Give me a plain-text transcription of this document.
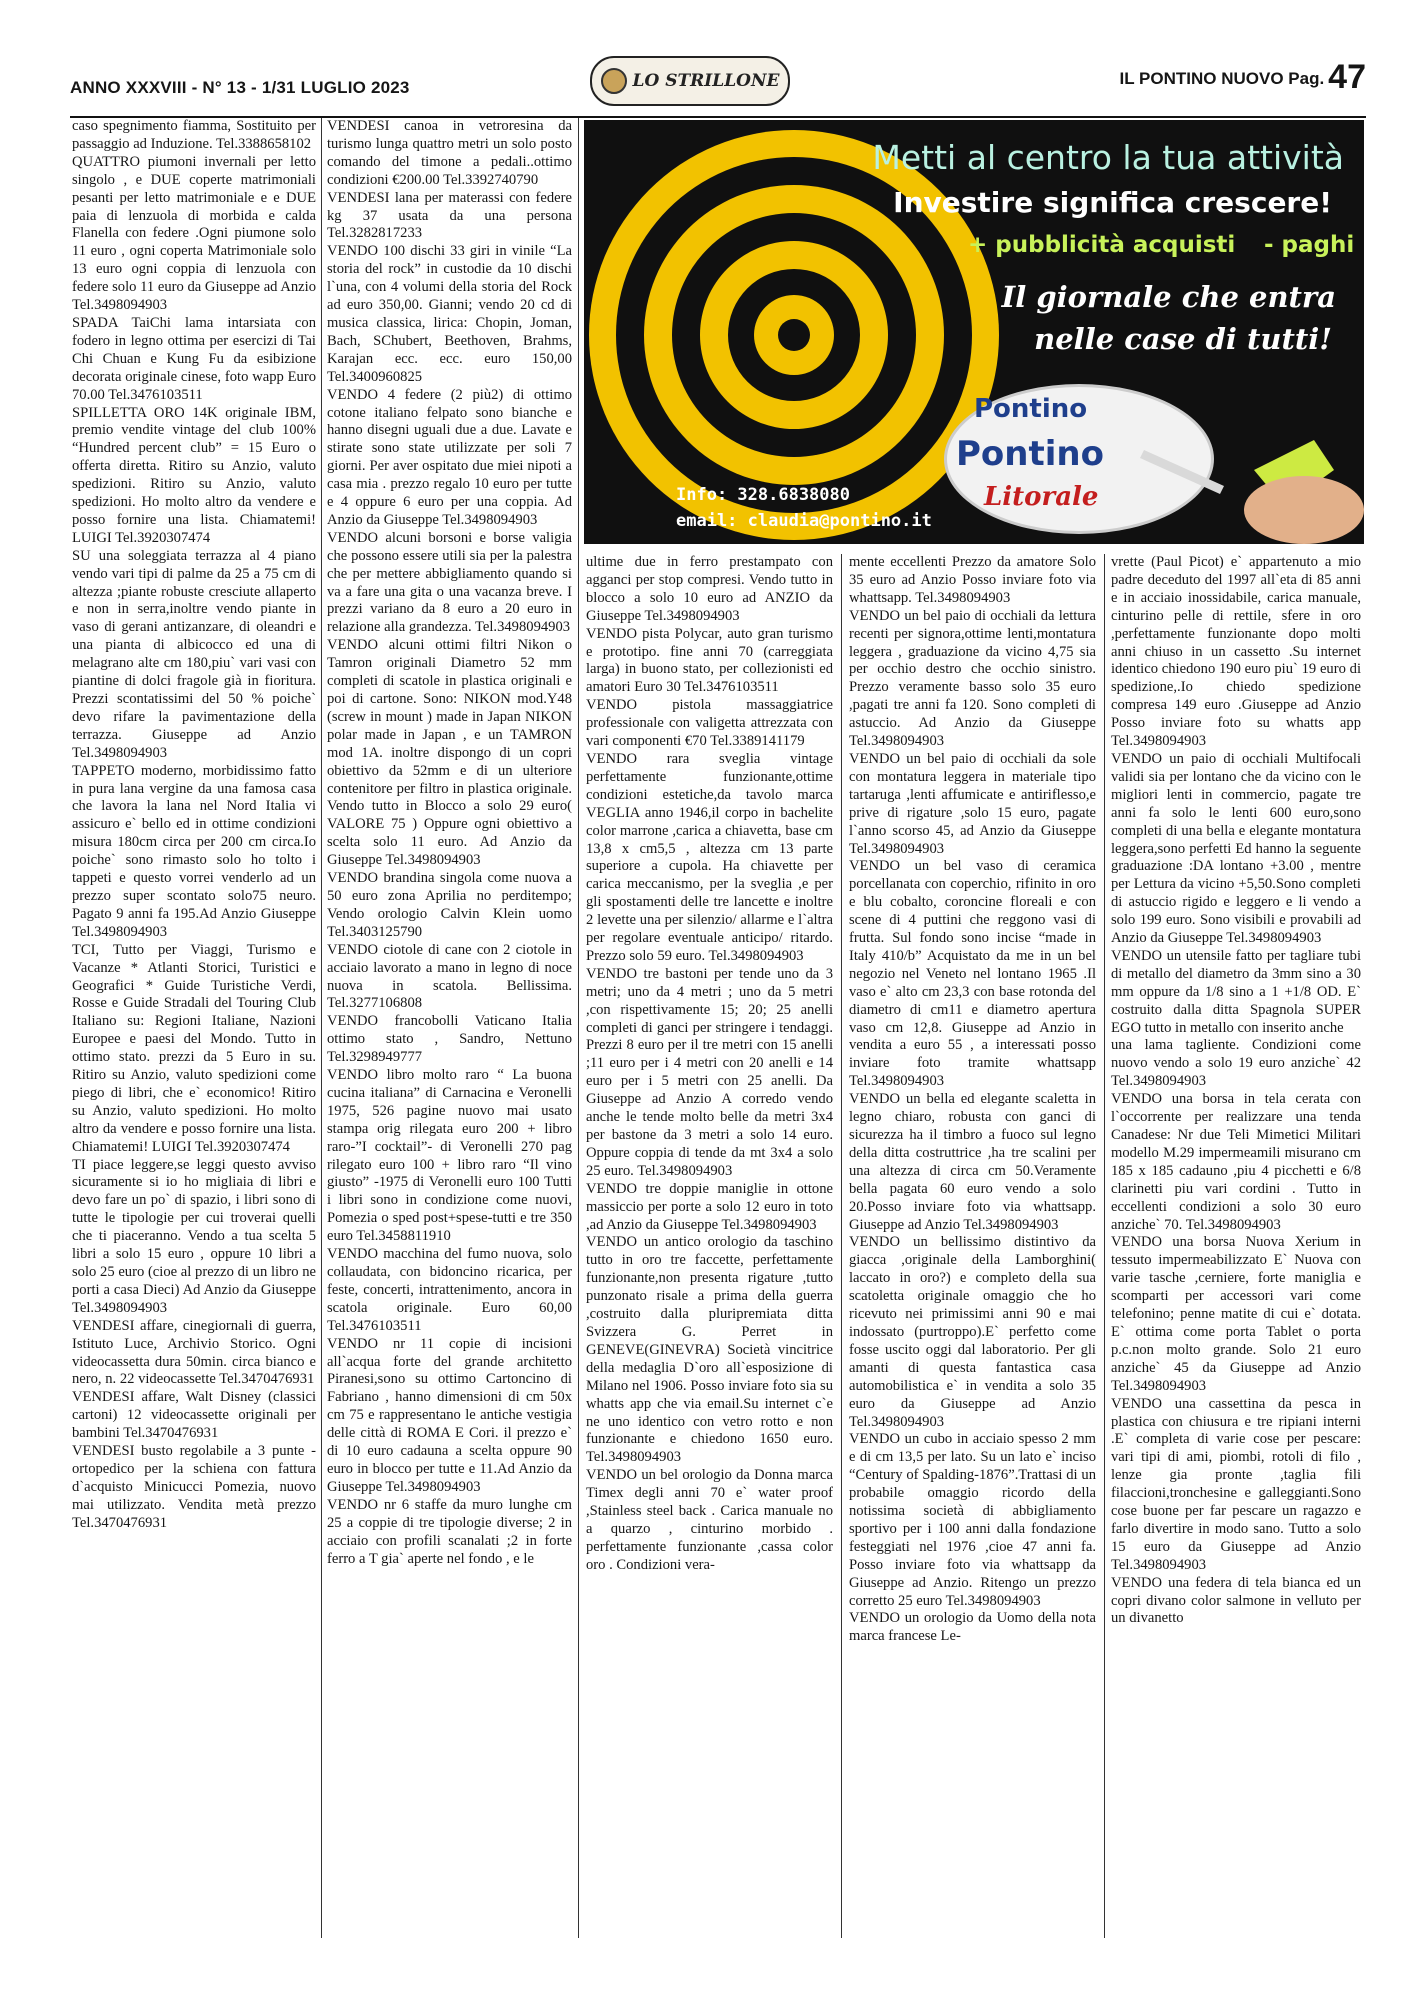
ANNO XXXVIII - N° 13 - 1/31 LUGLIO 2023	LO STRILLONE	IL PONTINO NUOVO Pag. 47
caso spegnimento fiamma, Sostituito per passaggio ad Induzione. Tel.3388658102
QUATTRO piumoni invernali per letto singolo , e DUE coperte matrimoniali pesanti per letto matrimoniale e e DUE paia di lenzuola di morbida e calda Flanella con federe .Ogni piumone solo 11 euro , ogni coperta Matrimoniale solo 13 euro ogni coppia di lenzuola con federe solo 11 euro da Giuseppe ad Anzio Tel.3498094903
SPADA TaiChi lama intarsiata con fodero in legno ottima per esercizi di Tai Chi Chuan e Kung Fu da esibizione decorata originale cinese, foto wapp Euro 70.00 Tel.3476103511
SPILLETTA ORO 14K originale IBM, premio vendite vintage del club 100% “Hundred percent club” = 15 Euro o offerta diretta. Ritiro su Anzio, valuto spedizioni. Ritiro su Anzio, valuto spedizioni. Ho molto altro da vendere e posso fornire una lista. Chiamatemi! LUIGI Tel.3920307474
SU una soleggiata terrazza al 4 piano vendo vari tipi di palme da 25 a 75 cm di altezza ;piante robuste cresciute allaperto e non in serra,inoltre vendo piante in vaso di gerani antizanzare, di oleandri e una pianta di albicocco ed una di melagrano alte cm 180,piu` vari vasi con piantine di dolci fragole già in fioritura. Prezzi scontatissimi del 50 % poiche` devo rifare la pavimentazione della terrazza. Giuseppe ad Anzio Tel.3498094903
TAPPETO moderno, morbidissimo fatto in pura lana vergine da una famosa casa che lavora la lana nel Nord Italia vi assicuro e` bello ed in ottime condizioni misura 180cm circa per 200 cm circa.Io poiche` sono rimasto solo ho tolto i tappeti e questo vorrei venderlo ad un prezzo super scontato solo75 neuro. Pagato 9 anni fa 195.Ad Anzio Giuseppe Tel.3498094903
TCI, Tutto per Viaggi, Turismo e Vacanze * Atlanti Storici, Turistici e Geografici * Guide Turistiche Verdi, Rosse e Guide Stradali del Touring Club Italiano su: Regioni Italiane, Nazioni Europee e paesi del Mondo. Tutto in ottimo stato. prezzi da 5 Euro in su. Ritiro su Anzio, valuto spedizioni come piego di libri, che e` economico! Ritiro su Anzio, valuto spedizioni. Ho molto altro da vendere e posso fornire una lista. Chiamatemi! LUIGI Tel.3920307474
TI piace leggere,se leggi questo avviso sicuramente si io ho migliaia di libri e devo fare un po` di spazio, i libri sono di tutte le tipologie per cui troverai quelli che ti piaceranno. Vendo a tua scelta 5 libri a solo 15 euro , oppure 10 libri a solo 25 euro (cioe al prezzo di un libro ne porti a casa Dieci) Ad Anzio da Giuseppe Tel.3498094903
VENDESI affare, cinegiornali di guerra, Istituto Luce, Archivio Storico. Ogni videocassetta dura 50min. circa bianco e nero, n. 22 videocassette Tel.3470476931
VENDESI affare, Walt Disney (classici cartoni) 12 videocassette originali per bambini Tel.3470476931
VENDESI busto regolabile a 3 punte - ortopedico per la schiena con fattura d`acquisto Minicucci Pomezia, nuovo mai utilizzato. Vendita metà prezzo Tel.3470476931
VENDESI canoa in vetroresina da turismo lunga quattro metri un solo posto comando del timone a pedali..ottimo condizioni €200.00 Tel.3392740790
VENDESI lana per materassi con federe kg 37 usata da una persona Tel.3282817233
VENDO 100 dischi 33 giri in vinile “La storia del rock” in custodie da 10 dischi l`una, con 4 volumi della storia del Rock ad euro 350,00. Gianni; vendo 20 cd di musica classica, lirica: Chopin, Joman, Bach, SChubert, Beethoven, Brahms, Karajan ecc. ecc. euro 150,00 Tel.3400960825
VENDO 4 federe (2 più2) di ottimo cotone italiano felpato sono bianche e hanno disegni uguali due a due. Lavate e stirate sono state utilizzate per soli 7 giorni. Per aver ospitato due miei nipoti a casa mia . prezzo regalo 10 euro per tutte e 4 oppure 6 euro per una coppia. Ad Anzio da Giuseppe Tel.3498094903
VENDO alcuni borsoni e borse valigia che possono essere utili sia per la palestra che per mettere abbigliamento quando si va a fare una gita o una vacanza breve. I prezzi variano da 8 euro a 20 euro in relazione alla grandezza. Tel.3498094903
VENDO alcuni ottimi filtri Nikon o Tamron originali Diametro 52 mm completi di scatole in plastica originali e poi di cartone. Sono: NIKON mod.Y48 (screw in mount ) made in Japan NIKON polar made in Japan , e un TAMRON mod 1A. inoltre dispongo di un copri obiettivo da 52mm e di un ulteriore contenitore per filtro in plastica originale. Vendo tutto in Blocco a solo 29 euro( VALORE 75 ) Oppure ogni obiettivo a scelta solo 11 euro. Ad Anzio da Giuseppe Tel.3498094903
VENDO brandina singola come nuova a 50 euro zona Aprilia no perditempo; Vendo orologio Calvin Klein uomo Tel.3403125790
VENDO ciotole di cane con 2 ciotole in acciaio lavorato a mano in legno di noce nuova in scatola. Bellissima. Tel.3277106808
VENDO francobolli Vaticano Italia ottimo stato , Sandro, Nettuno Tel.3298949777
VENDO libro molto raro “ La buona cucina italiana” di Carnacina e Veronelli 1975, 526 pagine nuovo mai usato stampa orig rilegata euro 200 + libro raro-”I cocktail”- di Veronelli 270 pag rilegato euro 100 + libro raro “Il vino giusto” -1975 di Veronelli euro 100 Tutti i libri sono in condizione come nuovi, Pomezia o sped post+spese-tutti e tre 350 euro Tel.3458811910
VENDO macchina del fumo nuova, solo collaudata, con bidoncino ricarica, per feste, concerti, intrattenimento, ancora in scatola originale. Euro 60,00 Tel.3476103511
VENDO nr 11 copie di incisioni all`acqua forte del grande architetto Piranesi,sono su ottimo Cartoncino di Fabriano , hanno dimensioni di cm 50x cm 75 e rappresentano le antiche vestigia delle città di ROMA E Cori. il prezzo e` di 10 euro cadauna a scelta oppure 90 euro in blocco per tutte e 11.Ad Anzio da Giuseppe Tel.3498094903
VENDO nr 6 staffe da muro lunghe cm 25 a coppie di tre tipologie diverse; 2 in acciaio con profili scanalati ;2 in forte ferro a T gia` aperte nel fondo , e le
Metti al centro la tua attività
Investire significa crescere!
+ pubblicità acquisti - paghi
Il giornale che entra
nelle case di tutti!
Pontino
Pontino
Litorale
Info: 328.6838080
email: claudia@pontino.it
ultime due in ferro prestampato con agganci per stop compresi. Vendo tutto in blocco a solo 10 euro ad ANZIO da Giuseppe Tel.3498094903
VENDO pista Polycar, auto gran turismo e prototipo. fine anni 70 (carreggiata larga) in buono stato, per collezionisti ed amatori Euro 30 Tel.3476103511
VENDO pistola massaggiatrice professionale con valigetta attrezzata con vari componenti €70 Tel.3389141179
VENDO rara sveglia vintage perfettamente funzionante,ottime condizioni estetiche,da tavolo marca VEGLIA anno 1946,il corpo in bachelite color marrone ,carica a chiavetta, base cm 13,8 x cm5,5 , altezza cm 13 parte superiore a cupola. Ha chiavette per carica meccanismo, per la sveglia ,e per gli spostamenti delle tre lancette e inoltre 2 levette una per silenzio/ allarme e l`altra per regolare eventuale anticipo/ ritardo. Prezzo solo 59 euro. Tel.3498094903
VENDO tre bastoni per tende uno da 3 metri; uno da 4 metri ; uno da 5 metri ,con rispettivamente 15; 20; 25 anelli completi di ganci per stringere i tendaggi. Prezzi 8 euro per il tre metri con 15 anelli ;11 euro per i 4 metri con 20 anelli e 14 euro per i 5 metri con 25 anelli. Da Giuseppe ad Anzio A corredo vendo anche le tende molto belle da metri 3x4 per bastone da 3 metri a solo 14 euro. Oppure coppia di tende da mt 3x4 a solo 25 euro. Tel.3498094903
VENDO tre doppie maniglie in ottone massiccio per porte a solo 12 euro in toto ,ad Anzio da Giuseppe Tel.3498094903
VENDO un antico orologio da taschino tutto in oro tre faccette, perfettamente funzionante,non presenta rigature ,tutto punzonato risale a prima della guerra ,costruito dalla pluripremiata ditta Svizzera G. Perret in GENEVE(GINEVRA) Società vincitrice della medaglia D`oro all`esposizione di Milano nel 1906. Posso inviare foto sia su whatts app che via email.Su internet c`e ne uno identico con vetro rotto e non funzionante e chiedono 1650 euro. Tel.3498094903
VENDO un bel orologio da Donna marca Timex degli anni 70 e` water proof ,Stainless steel back . Carica manuale no a quarzo , cinturino morbido . perfettamente funzionante ,cassa color oro . Condizioni vera-
mente eccellenti Prezzo da amatore Solo 35 euro ad Anzio Posso inviare foto via whattsapp. Tel.3498094903
VENDO un bel paio di occhiali da lettura recenti per signora,ottime lenti,montatura leggera , graduazione da vicino 4,75 sia per occhio destro che occhio sinistro. Prezzo veramente basso solo 35 euro ,pagati tre anni fa 120. Sono completi di astuccio. Ad Anzio da Giuseppe Tel.3498094903
VENDO un bel paio di occhiali da sole con montatura leggera in materiale tipo tartaruga ,lenti affumicate e antiriflesso,e prive di rigature ,solo 15 euro, pagate l`anno scorso 45, ad Anzio da Giuseppe Tel.3498094903
VENDO un bel vaso di ceramica porcellanata con coperchio, rifinito in oro e blu cobalto, coroncine floreali e con scene di 4 puttini che reggono vasi di frutta. Sul fondo sono incise “made in Italy 410/b” Acquistato da me in un bel negozio nel Veneto nel lontano 1965 .Il vaso e` alto cm 23,3 con base rotonda del diametro di cm11 e diametro apertura vaso cm 12,8. Giuseppe ad Anzio in vendita a euro 55 , a interessati posso inviare foto tramite whattsapp Tel.3498094903
VENDO un bella ed elegante scaletta in legno chiaro, robusta con ganci di sicurezza ha il timbro a fuoco sul legno della ditta costruttrice ,ha tre scalini per una altezza di circa cm 50.Veramente bella pagata 60 euro vendo a solo 20.Posso inviare foto via whattsapp. Giuseppe ad Anzio Tel.3498094903
VENDO un bellissimo distintivo da giacca ,originale della Lamborghini( laccato in oro?) e completo della sua scatoletta originale omaggio che ho ricevuto nei primissimi anni 90 e mai indossato (purtroppo).E` perfetto come fosse uscito oggi dal laboratorio. Per gli amanti di questa fantastica casa automobilistica e` in vendita a solo 35 euro da Giuseppe ad Anzio Tel.3498094903
VENDO un cubo in acciaio spesso 2 mm e di cm 13,5 per lato. Su un lato e` inciso “Century of Spalding-1876”.Trattasi di un probabile omaggio ricordo della notissima società di abbigliamento sportivo per i 100 anni dalla fondazione festeggiati nel 1976 ,cioe 47 anni fa. Posso inviare foto via whattsapp da Giuseppe ad Anzio. Ritengo un prezzo corretto 25 euro Tel.3498094903
VENDO un orologio da Uomo della nota marca francese Le-
vrette (Paul Picot) e` appartenuto a mio padre deceduto del 1997 all`eta di 85 anni e in acciaio inossidabile, carica manuale, cinturino pelle di rettile, sfere in oro ,perfettamente funzionante dopo molti anni chiuso in un cassetto .Su internet identico chiedono 190 euro piu` 19 euro di spedizione,.Io chiedo spedizione compresa 149 euro .Giuseppe ad Anzio Posso inviare foto su whatts app Tel.3498094903
VENDO un paio di occhiali Multifocali validi sia per lontano che da vicino con le migliori lenti in commercio, pagate tre anni fa solo le lenti 600 euro,sono completi di una bella e elegante montatura leggera,sono perfetti Ed hanno la seguente graduazione :DA lontano +3.00 , mentre per Lettura da vicino +5,50.Sono completi di astuccio rigido e leggero e li vendo a solo 199 euro. Sono visibili e provabili ad Anzio da Giuseppe Tel.3498094903
VENDO un utensile fatto per tagliare tubi di metallo del diametro da 3mm sino a 30 mm oppure da 1/8 sino a 1 +1/8 OD. E` costruito dalla ditta Spagnola SUPER EGO tutto in metallo con inserito anche
una lama tagliente. Condizioni come nuovo vendo a solo 19 euro anziche` 42 Tel.3498094903
VENDO una borsa in tela cerata con l`occorrente per realizzare una tenda Canadese: Nr due Teli Mimetici Militari modello M.29 impermeamili misurano cm 185 x 185 cadauno ,piu 4 picchetti e 6/8 clarinetti piu vari cordini . Tutto in eccellenti condizioni a solo 30 euro anziche` 70. Tel.3498094903
VENDO una borsa Nuova Xerium in tessuto impermeabilizzato E` Nuova con varie tasche ,cerniere, forte maniglia e scomparti per accessori vari come telefonino; penne matite di cui e` dotata. E` ottima come porta Tablet o porta p.c.non molto grande. Solo 21 euro anziche` 45 da Giuseppe ad Anzio Tel.3498094903
VENDO una cassettina da pesca in plastica con chiusura e tre ripiani interni .E` completa di varie cose per pescare: vari tipi di ami, piombi, rotoli di filo , lenze gia pronte ,taglia fili filaccioni,tronchesine e galleggianti.Sono cose buone per far pescare un ragazzo e farlo divertire in modo sano. Tutto a solo 15 euro da Giuseppe ad Anzio Tel.3498094903
VENDO una federa di tela bianca ed un copri divano color salmone in velluto per un divanetto
